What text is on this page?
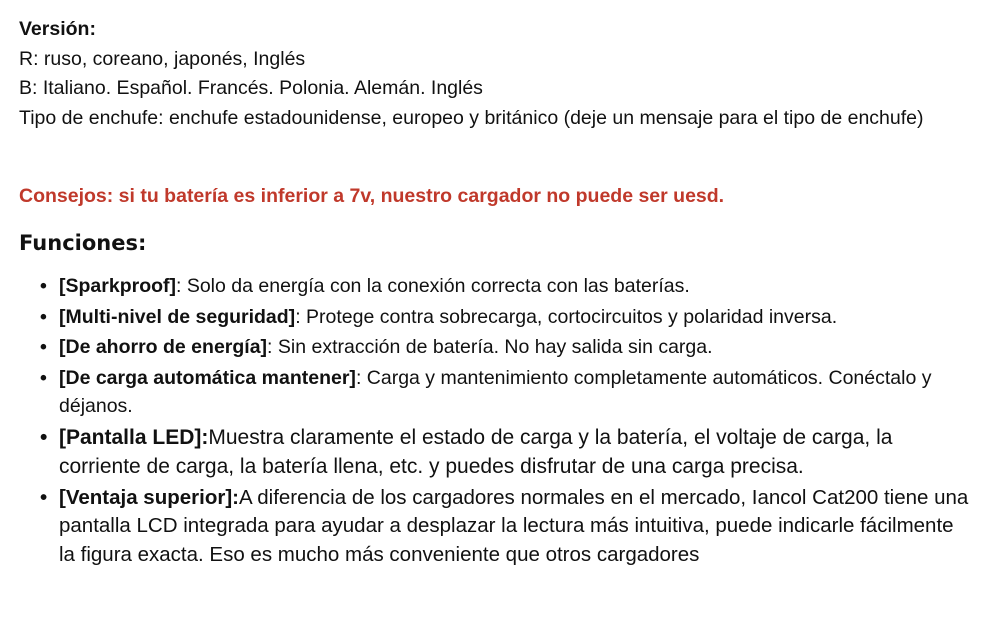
Versión:
R: ruso, coreano, japonés, Inglés
B: Italiano. Español. Francés. Polonia. Alemán. Inglés
Tipo de enchufe: enchufe estadounidense, europeo y británico (deje un mensaje para el tipo de enchufe)
Consejos: si tu batería es inferior a 7v, nuestro cargador no puede ser uesd.
Funciones:
• [Sparkproof]: Solo da energía con la conexión correcta con las baterías.
• [Multi-nivel de seguridad]: Protege contra sobrecarga, cortocircuitos y polaridad inversa.
• [De ahorro de energía]: Sin extracción de batería. No hay salida sin carga.
• [De carga automática mantener]: Carga y mantenimiento completamente automáticos. Conéctalo y déjanos.
• [Pantalla LED]:Muestra claramente el estado de carga y la batería, el voltaje de carga, la corriente de carga, la batería llena, etc. y puedes disfrutar de una carga precisa.
• [Ventaja superior]:A diferencia de los cargadores normales en el mercado, Iancol Cat200 tiene una pantalla LCD integrada para ayudar a desplazar la lectura más intuitiva, puede indicarle fácilmente la figura exacta. Eso es mucho más conveniente que otros cargadores
